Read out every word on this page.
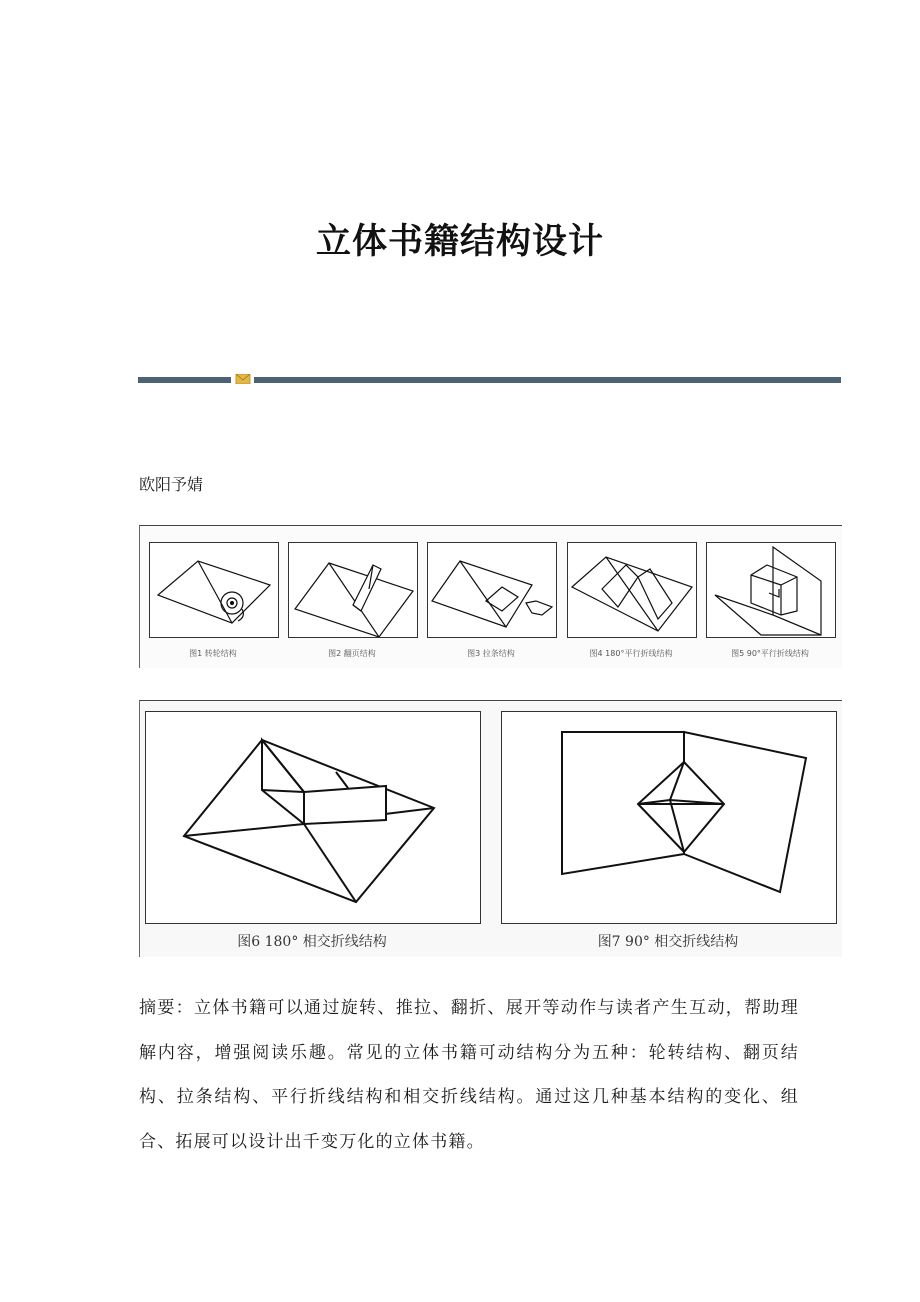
立体书籍结构设计
欧阳予婧
图1 转轮结构	图2 翻页结构	图3 拉条结构	图4 180°平行折线结构	图5 90°平行折线结构
图6 180° 相交折线结构	图7 90° 相交折线结构
摘要：立体书籍可以通过旋转、推拉、翻折、展开等动作与读者产生互动，帮助理解内容，增强阅读乐趣。常见的立体书籍可动结构分为五种：轮转结构、翻页结构、拉条结构、平行折线结构和相交折线结构。通过这几种基本结构的变化、组合、拓展可以设计出千变万化的立体书籍。
